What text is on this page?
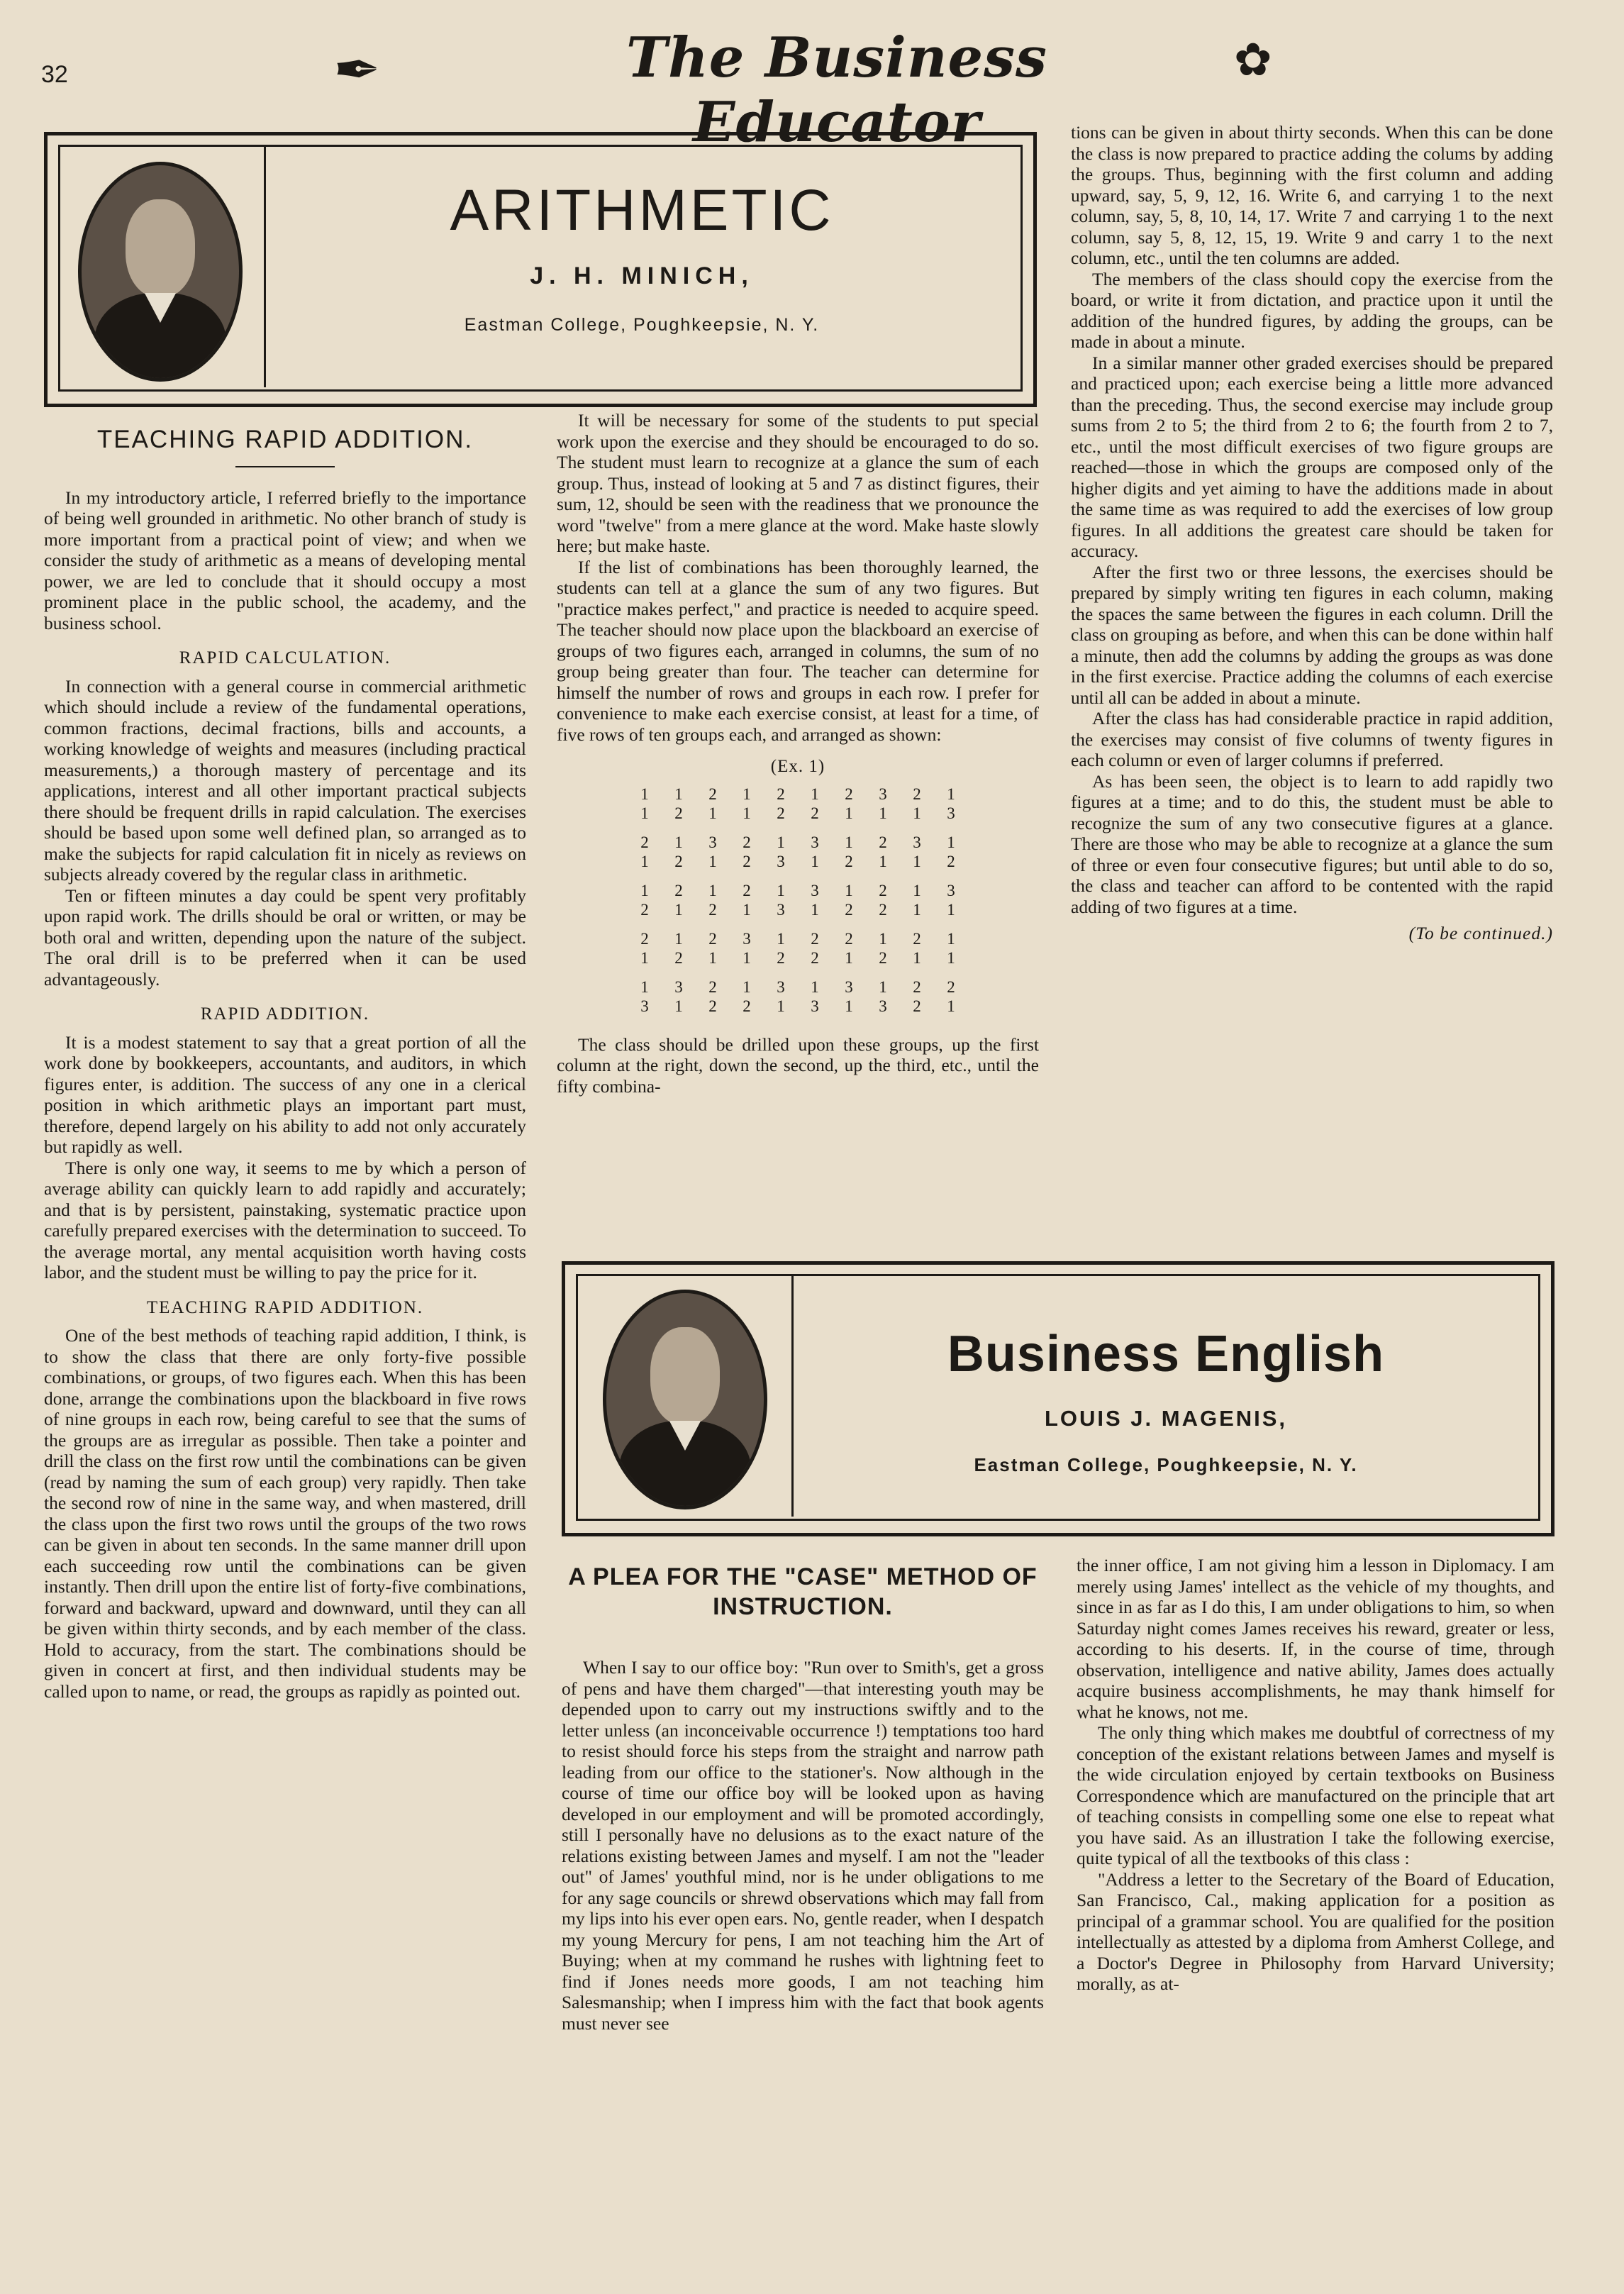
32	✒	The Business Educator
✿
ARITHMETIC
J. H. MINICH,
Eastman College, Poughkeepsie, N. Y.
TEACHING RAPID ADDITION.

In my introductory article, I referred briefly to the importance of being well grounded in arithmetic. No other branch of study is more important from a practical point of view; and when we consider the study of arithmetic as a means of developing mental power, we are led to conclude that it should occupy a most prominent place in the public school, the academy, and the business school.

RAPID CALCULATION.

In connection with a general course in commercial arithmetic which should include a review of the fundamental operations, common fractions, decimal fractions, bills and accounts, a working knowledge of weights and measures (including practical measurements,) a thorough mastery of percentage and its applications, interest and all other important practical subjects there should be frequent drills in rapid calculation. The exercises should be based upon some well defined plan, so arranged as to make the subjects for rapid calculation fit in nicely as reviews on subjects already covered by the regular class in arithmetic.

Ten or fifteen minutes a day could be spent very profitably upon rapid work. The drills should be oral or written, or may be both oral and written, depending upon the nature of the subject. The oral drill is to be preferred when it can be used advantageously.

RAPID ADDITION.

It is a modest statement to say that a great portion of all the work done by bookkeepers, accountants, and auditors, in which figures enter, is addition. The success of any one in a clerical position in which arithmetic plays an important part must, therefore, depend largely on his ability to add not only accurately but rapidly as well.

There is only one way, it seems to me by which a person of average ability can quickly learn to add rapidly and accurately; and that is by persistent, painstaking, systematic practice upon carefully prepared exercises with the determination to succeed. To the average mortal, any mental acquisition worth having costs labor, and the student must be willing to pay the price for it.

TEACHING RAPID ADDITION.

One of the best methods of teaching rapid addition, I think, is to show the class that there are only forty-five possible combinations, or groups, of two figures each. When this has been done, arrange the combinations upon the blackboard in five rows of nine groups in each row, being careful to see that the sums of the groups are as irregular as possible. Then take a pointer and drill the class on the first row until the combinations can be given (read by naming the sum of each group) very rapidly. Then take the second row of nine in the same way, and when mastered, drill the class upon the first two rows until the groups of the two rows can be given in about ten seconds. In the same manner drill upon each succeeding row until the combinations can be given instantly. Then drill upon the entire list of forty-five combinations, forward and backward, upward and downward, until they can all be given within thirty seconds, and by each member of the class. Hold to accuracy, from the start. The combinations should be given in concert at first, and then individual students may be called upon to name, or read, the groups as rapidly as pointed out.

It will be necessary for some of the students to put special work upon the exercise and they should be encouraged to do so. The student must learn to recognize at a glance the sum of each group. Thus, instead of looking at 5 and 7 as distinct figures, their sum, 12, should be seen with the readiness that we pronounce the word "twelve" from a mere glance at the word. Make haste slowly here; but make haste.

If the list of combinations has been thoroughly learned, the students can tell at a glance the sum of any two figures. But "practice makes perfect," and practice is needed to acquire speed. The teacher should now place upon the blackboard an exercise of groups of two figures each, arranged in columns, the sum of no group being greater than four. The teacher can determine for himself the number of rows and groups in each row. I prefer for convenience to make each exercise consist, at least for a time, of five rows of ten groups each, and arranged as shown:

(Ex. 1)
1	1	2	1	2	1	2	3	2	1
1	2	1	1	2	2	1	1	1	3
2	1	3	2	1	3	1	2	3	1
1	2	1	2	3	1	2	1	1	2
1	2	1	2	1	3	1	2	1	3
2	1	2	1	3	1	2	2	1	1
2	1	2	3	1	2	2	1	2	1
1	2	1	1	2	2	1	2	1	1
1	3	2	1	3	1	3	1	2	2
3	1	2	2	1	3	1	3	2	1

The class should be drilled upon these groups, up the first column at the right, down the second, up the third, etc., until the fifty combina-

tions can be given in about thirty seconds. When this can be done the class is now prepared to practice adding the colums by adding the groups. Thus, beginning with the first column and adding upward, say, 5, 9, 12, 16. Write 6, and carrying 1 to the next column, say, 5, 8, 10, 14, 17. Write 7 and carrying 1 to the next column, say 5, 8, 12, 15, 19. Write 9 and carry 1 to the next column, etc., until the ten columns are added.

The members of the class should copy the exercise from the board, or write it from dictation, and practice upon it until the addition of the hundred figures, by adding the groups, can be made in about a minute.

In a similar manner other graded exercises should be prepared and practiced upon; each exercise being a little more advanced than the preceding. Thus, the second exercise may include group sums from 2 to 5; the third from 2 to 6; the fourth from 2 to 7, etc., until the most difficult exercises of two figure groups are reached—those in which the groups are composed only of the higher digits and yet aiming to have the additions made in about the same time as was required to add the exercises of low group figures. In all additions the greatest care should be taken for accuracy.

After the first two or three lessons, the exercises should be prepared by simply writing ten figures in each column, making the spaces the same between the figures in each column. Drill the class on grouping as before, and when this can be done within half a minute, then add the columns by adding the groups as was done in the first exercise. Practice adding the columns of each exercise until all can be added in about a minute.

After the class has had considerable practice in rapid addition, the exercises may consist of five columns of twenty figures in each column or even of larger columns if preferred.

As has been seen, the object is to learn to add rapidly two figures at a time; and to do this, the student must be able to recognize the sum of any two consecutive figures at a glance. There are those who may be able to recognize at a glance the sum of three or even four consecutive figures; but until able to do so, the class and teacher can afford to be contented with the rapid adding of two figures at a time.

(To be continued.)
Business English
LOUIS J. MAGENIS,
Eastman College, Poughkeepsie, N. Y.
A PLEA FOR THE "CASE" METHOD OF INSTRUCTION.

When I say to our office boy: "Run over to Smith's, get a gross of pens and have them charged"—that interesting youth may be depended upon to carry out my instructions swiftly and to the letter unless (an inconceivable occurrence !) temptations too hard to resist should force his steps from the straight and narrow path leading from our office to the stationer's. Now although in the course of time our office boy will be looked upon as having developed in our employment and will be promoted accordingly, still I personally have no delusions as to the exact nature of the relations existing between James and myself. I am not the "leader out" of James' youthful mind, nor is he under obligations to me for any sage councils or shrewd observations which may fall from my lips into his ever open ears. No, gentle reader, when I despatch my young Mercury for pens, I am not teaching him the Art of Buying; when at my command he rushes with lightning feet to find if Jones needs more goods, I am not teaching him Salesmanship; when I impress him with the fact that book agents must never see

the inner office, I am not giving him a lesson in Diplomacy. I am merely using James' intellect as the vehicle of my thoughts, and since in as far as I do this, I am under obligations to him, so when Saturday night comes James receives his reward, greater or less, according to his deserts. If, in the course of time, through observation, intelligence and native ability, James does actually acquire business accomplishments, he may thank himself for what he knows, not me.

The only thing which makes me doubtful of correctness of my conception of the existant relations between James and myself is the wide circulation enjoyed by certain textbooks on Business Correspondence which are manufactured on the principle that art of teaching consists in compelling some one else to repeat what you have said. As an illustration I take the following exercise, quite typical of all the textbooks of this class :

"Address a letter to the Secretary of the Board of Education, San Francisco, Cal., making application for a position as principal of a grammar school. You are qualified for the position intellectually as attested by a diploma from Amherst College, and a Doctor's Degree in Philosophy from Harvard University; morally, as at-
